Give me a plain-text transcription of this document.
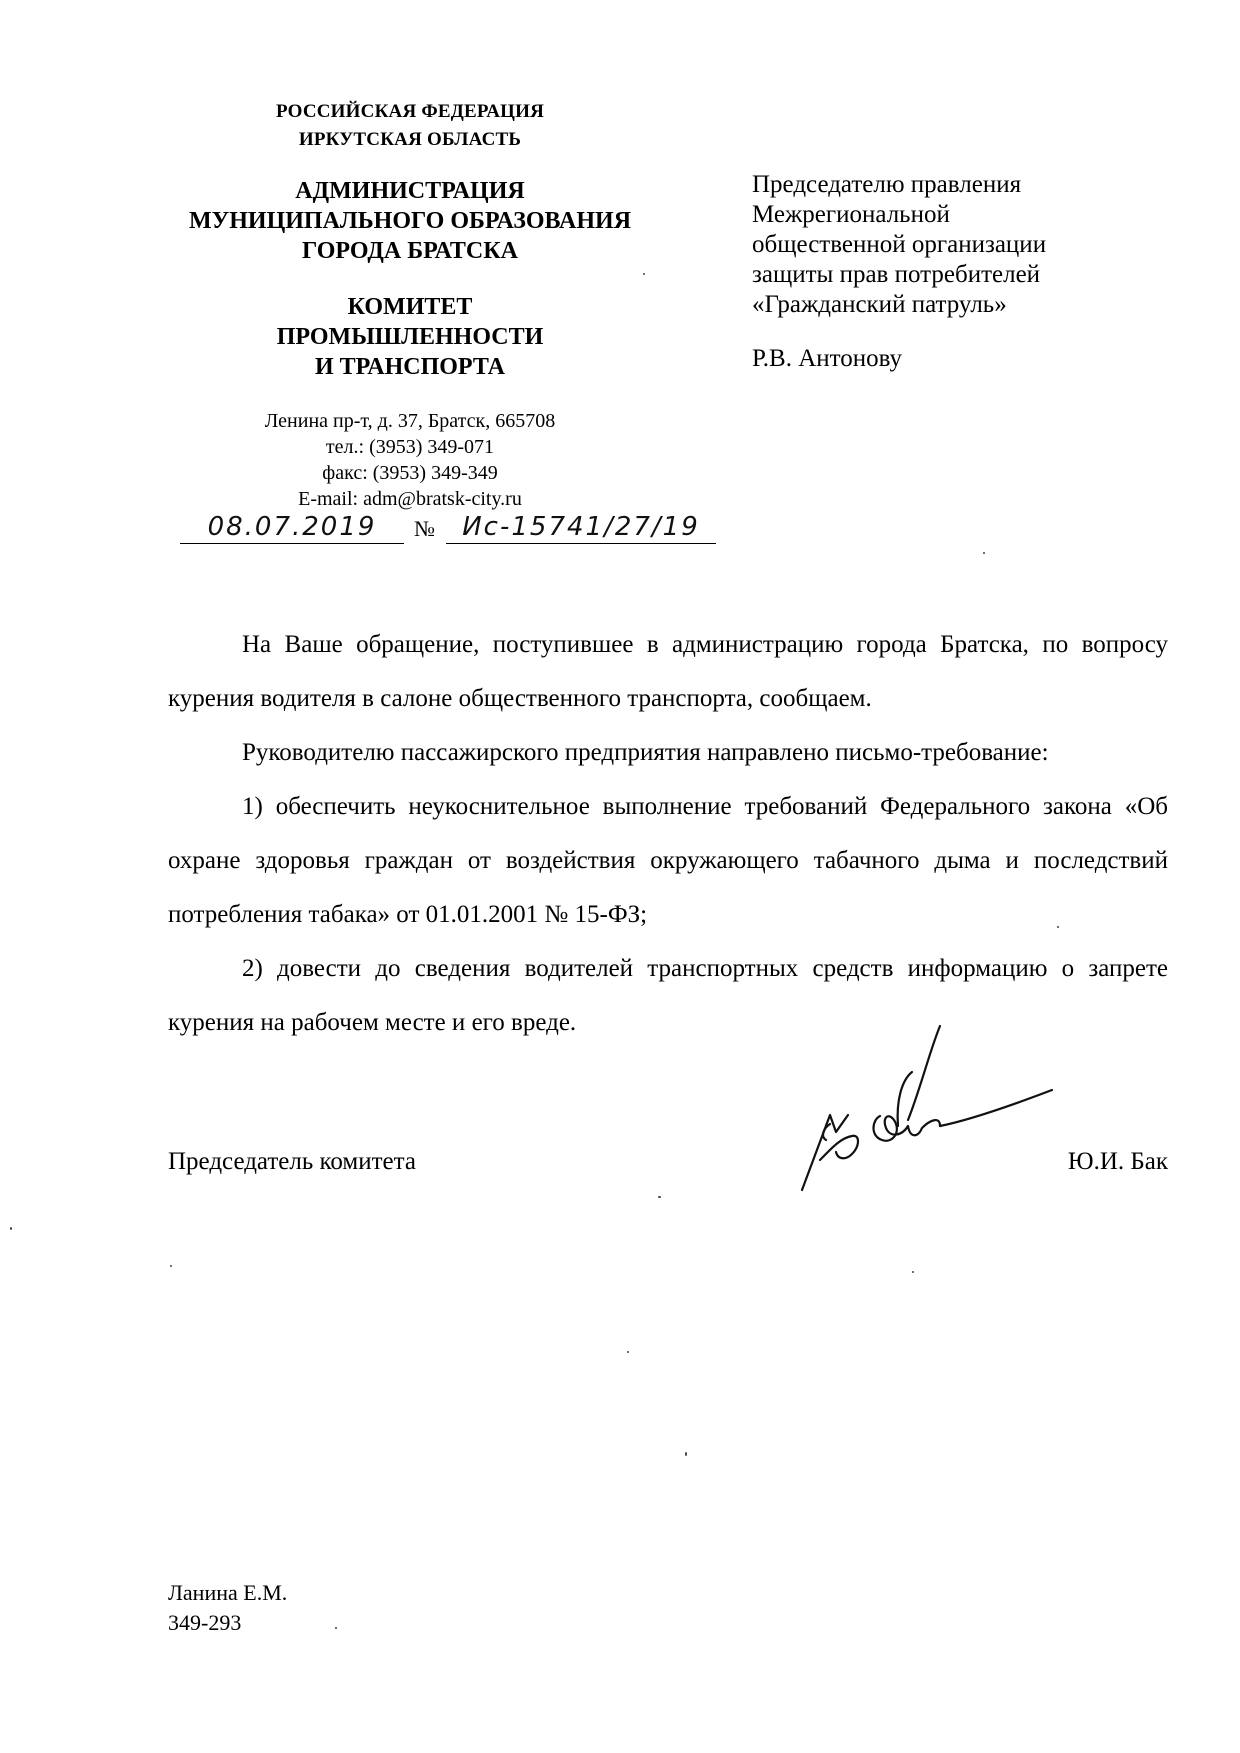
РОССИЙСКАЯ ФЕДЕРАЦИЯ
ИРКУТСКАЯ ОБЛАСТЬ
АДМИНИСТРАЦИЯ
МУНИЦИПАЛЬНОГО ОБРАЗОВАНИЯ
ГОРОДА БРАТСКА
КОМИТЕТ
ПРОМЫШЛЕННОСТИ
И ТРАНСПОРТА
Ленина пр-т, д. 37, Братск, 665708
тел.: (3953) 349-071
факс: (3953) 349-349
E-mail: adm@bratsk-city.ru
08.07.2019	№	Ис-15741/27/19
Председателю правления
Межрегиональной
общественной организации
защиты прав потребителей
«Гражданский патруль»
Р.В. Антонову

На Ваше обращение, поступившее в администрацию города Братска, по вопросу курения водителя в салоне общественного транспорта, сообщаем.

Руководителю пассажирского предприятия направлено письмо-требование:

1) обеспечить неукоснительное выполнение требований Федерального закона «Об охране здоровья граждан от воздействия окружающего табачного дыма и последствий потребления табака» от 01.01.2001 № 15-ФЗ;

2) довести до сведения водителей транспортных средств информацию о запрете курения на рабочем месте и его вреде.

Председатель комитета	Ю.И. Бак
Ланина Е.М.
349-293
